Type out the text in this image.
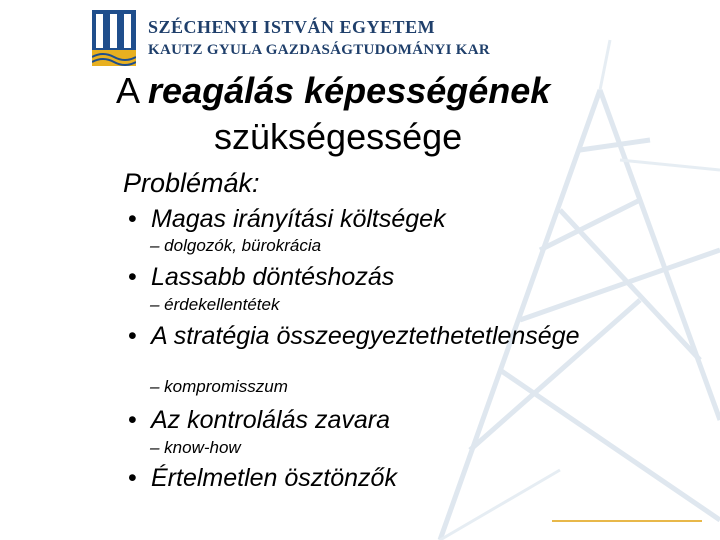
SZÉCHENYI ISTVÁN EGYETEM
KAUTZ GYULA GAZDASÁGTUDOMÁNYI KAR
A reagálás képességének
szükségessége
Problémák:
• Magas irányítási költségek
– dolgozók, bürokrácia
• Lassabb döntéshozás
– érdekellentétek
• A stratégia összeegyeztethetetlensége
– kompromisszum
• Az kontrolálás zavara
– know-how
• Értelmetlen ösztönzők
